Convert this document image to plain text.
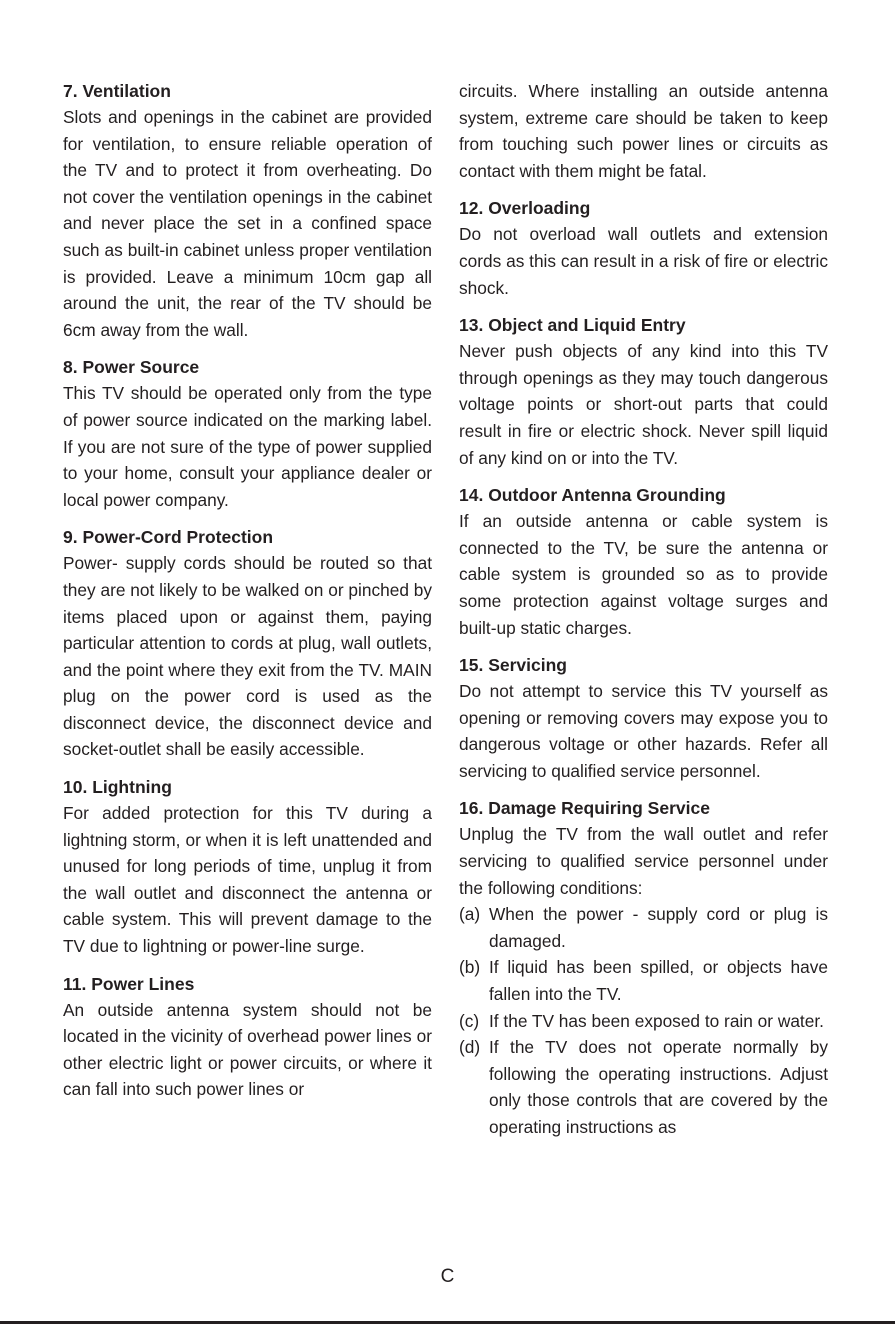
7. Ventilation

Slots and openings in the cabinet are provided for ventilation, to ensure reliable operation of the TV and to protect it from overheating. Do not cover the ventilation openings in the cabinet and never place the set in a confined space such as built-in cabinet unless proper ventilation is provided. Leave a minimum 10cm gap all around the unit, the rear of the TV should be 6cm away from the wall.

8. Power Source

This TV should be operated only from the type of power source indicated on the marking label. If you are not sure of the type of power supplied to your home, consult your appliance dealer or local power company.

9. Power-Cord Protection

Power- supply cords should be routed so that they are not likely to be walked on or pinched by items placed upon or against them, paying particular attention to cords at plug, wall outlets, and the point where they exit from the TV. MAIN plug on the power cord is used as the disconnect device, the disconnect device and socket-outlet shall be easily accessible.

10. Lightning

For added protection for this TV during a lightning storm, or when it is left unattended and unused for long periods of time, unplug it from the wall outlet and disconnect the antenna or cable system. This will prevent damage to the TV due to lightning or power-line surge.

11. Power Lines

An outside antenna system should not be located in the vicinity of overhead power lines or other electric light or power circuits, or where it can fall into such power lines or

circuits. Where installing an outside antenna system, extreme care should be taken to keep from touching such power lines or circuits as contact with them might be fatal.

12. Overloading

Do not overload wall outlets and extension cords as this can result in a risk of fire or electric shock.

13. Object and Liquid Entry

Never push objects of any kind into this TV through openings as they may touch dangerous voltage points or short-out parts that could result in fire or electric shock. Never spill liquid of any kind on or into the TV.

14. Outdoor Antenna Grounding

If an outside antenna or cable system is connected to the TV, be sure the antenna or cable system is grounded so as to provide some protection against voltage surges and built-up static charges.

15. Servicing

Do not attempt to service this TV yourself as opening or removing covers may expose you to dangerous voltage or other hazards. Refer all servicing to qualified service personnel.

16. Damage Requiring Service

Unplug the TV from the wall outlet and refer servicing to qualified service personnel under the following conditions:

(a) When the power - supply cord or plug is damaged.
(b) If liquid has been spilled, or objects have fallen into the TV.
(c) If the TV has been exposed to rain or water.
(d) If the TV does not operate normally by following the operating instructions. Adjust only those controls that are covered by the operating instructions as
C
